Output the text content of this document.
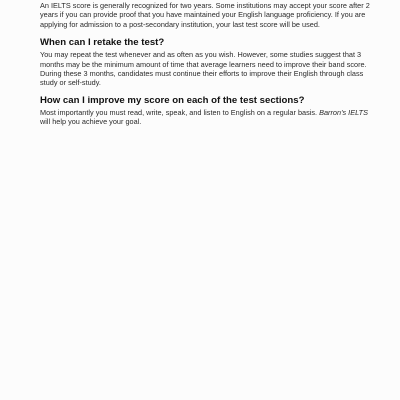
An IELTS score is generally recognized for two years. Some institutions may accept your score after 2 years if you can provide proof that you have maintained your English language proficiency. If you are applying for admission to a post-secondary institution, your last test score will be used.

When can I retake the test?

You may repeat the test whenever and as often as you wish. However, some studies suggest that 3 months may be the minimum amount of time that average learners need to improve their band score. During these 3 months, candidates must continue their efforts to improve their English through class study or self-study.

How can I improve my score on each of the test sections?

Most importantly you must read, write, speak, and listen to English on a regular basis. Barron's IELTS will help you achieve your goal.
